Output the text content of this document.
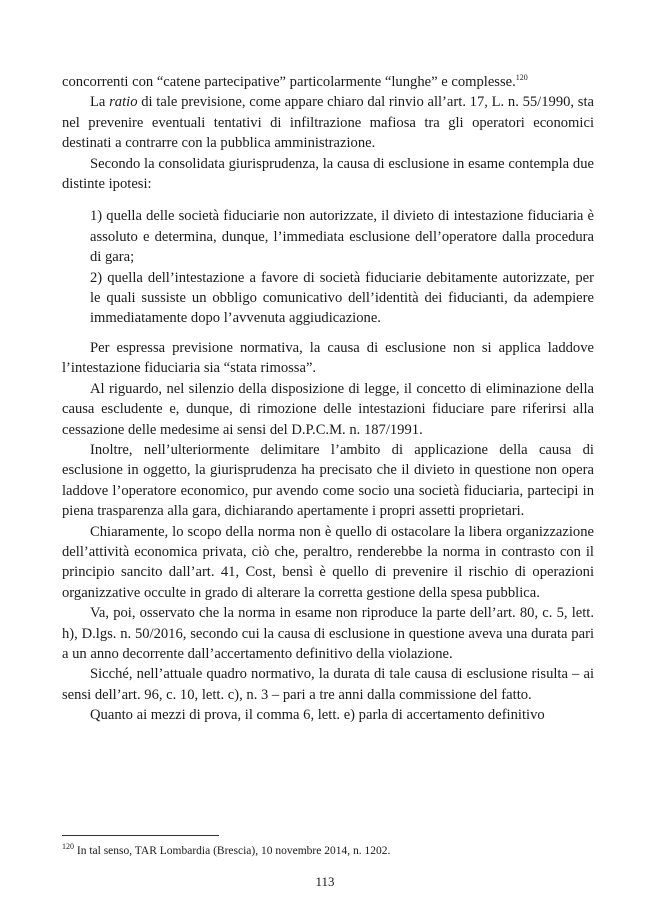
concorrenti con “catene partecipative” particolarmente “lunghe” e complesse.$^{120}$

La ratio di tale previsione, come appare chiaro dal rinvio all’art. 17, L. n. 55/1990, sta nel prevenire eventuali tentativi di infiltrazione mafiosa tra gli operatori economici destinati a contrarre con la pubblica amministrazione.

Secondo la consolidata giurisprudenza, la causa di esclusione in esame contempla due distinte ipotesi:

1) quella delle società fiduciarie non autorizzate, il divieto di intestazione fiduciaria è assoluto e determina, dunque, l’immediata esclusione dell’operatore dalla procedura di gara;

2) quella dell’intestazione a favore di società fiduciarie debitamente autorizzate, per le quali sussiste un obbligo comunicativo dell’identità dei fiducianti, da adempiere immediatamente dopo l’avvenuta aggiudicazione.

Per espressa previsione normativa, la causa di esclusione non si applica laddove l’intestazione fiduciaria sia “stata rimossa”.

Al riguardo, nel silenzio della disposizione di legge, il concetto di eliminazione della causa escludente e, dunque, di rimozione delle intestazioni fiduciare pare riferirsi alla cessazione delle medesime ai sensi del D.P.C.M. n. 187/1991.

Inoltre, nell’ulteriormente delimitare l’ambito di applicazione della causa di esclusione in oggetto, la giurisprudenza ha precisato che il divieto in questione non opera laddove l’operatore economico, pur avendo come socio una società fiduciaria, partecipi in piena trasparenza alla gara, dichiarando apertamente i propri assetti proprietari.

Chiaramente, lo scopo della norma non è quello di ostacolare la libera organizzazione dell’attività economica privata, ciò che, peraltro, renderebbe la norma in contrasto con il principio sancito dall’art. 41, Cost, bensì è quello di prevenire il rischio di operazioni organizzative occulte in grado di alterare la corretta gestione della spesa pubblica.

Va, poi, osservato che la norma in esame non riproduce la parte dell’art. 80, c. 5, lett. h), D.lgs. n. 50/2016, secondo cui la causa di esclusione in questione aveva una durata pari a un anno decorrente dall’accertamento definitivo della violazione.

Sicché, nell’attuale quadro normativo, la durata di tale causa di esclusione risulta – ai sensi dell’art. 96, c. 10, lett. c), n. 3 – pari a tre anni dalla commissione del fatto.

Quanto ai mezzi di prova, il comma 6, lett. e) parla di accertamento definitivo

$^{120}$ In tal senso, TAR Lombardia (Brescia), 10 novembre 2014, n. 1202.
113
